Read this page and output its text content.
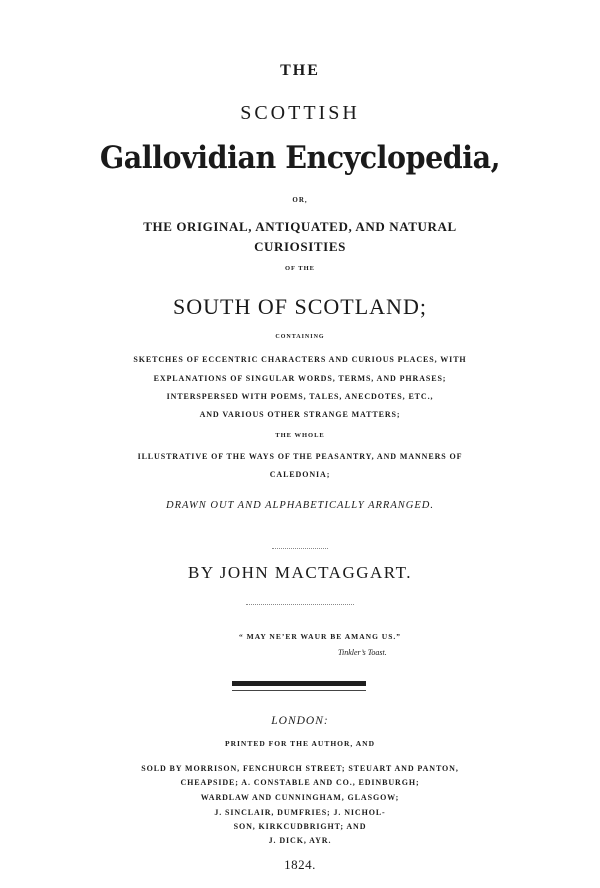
THE
SCOTTISH
Gallovidian Encyclopedia,
OR,
THE ORIGINAL, ANTIQUATED, AND NATURAL
CURIOSITIES
OF THE
SOUTH OF SCOTLAND;
CONTAINING
SKETCHES OF ECCENTRIC CHARACTERS AND CURIOUS PLACES, WITH
EXPLANATIONS OF SINGULAR WORDS, TERMS, AND PHRASES;
INTERSPERSED WITH POEMS, TALES, ANECDOTES, ETC.,
AND VARIOUS OTHER STRANGE MATTERS;
THE WHOLE
ILLUSTRATIVE OF THE WAYS OF THE PEASANTRY, AND MANNERS OF
CALEDONIA;
DRAWN OUT AND ALPHABETICALLY ARRANGED.
BY JOHN MACTAGGART.
“ MAY NE’ER WAUR BE AMANG US.”
Tinkler’s Toast.
LONDON:
PRINTED FOR THE AUTHOR, AND
SOLD BY MORRISON, FENCHURCH STREET; STEUART AND PANTON,
CHEAPSIDE; A. CONSTABLE AND CO., EDINBURGH;
WARDLAW AND CUNNINGHAM, GLASGOW;
J. SINCLAIR, DUMFRIES; J. NICHOL-
SON, KIRKCUDBRIGHT; AND
J. DICK, AYR.
1824.
